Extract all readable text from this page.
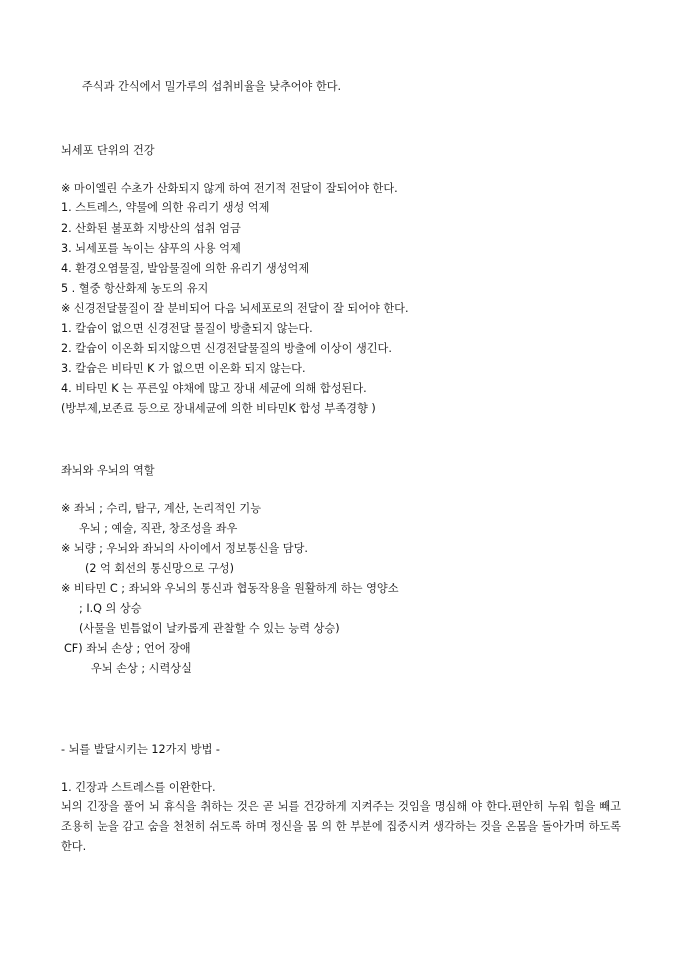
주식과 간식에서 밀가루의 섭취비율을 낮추어야 한다.
뇌세포 단위의 건강
※ 마이엘린 수초가 산화되지 않게 하여 전기적 전달이 잘되어야 한다.
1. 스트레스, 약물에 의한 유리기 생성 억제
2. 산화된 불포화 지방산의 섭취 엄금
3. 뇌세포를 녹이는 샴푸의 사용 억제
4. 환경오염물질, 발암물질에 의한 유리기 생성억제
5 . 혈중 항산화제 농도의 유지
※ 신경전달물질이 잘 분비되어 다음 뇌세포로의 전달이 잘 되어야 한다.
1. 칼슘이 없으면 신경전달 물질이 방출되지 않는다.
2. 칼슘이 이온화 되지않으면 신경전달물질의 방출에 이상이 생긴다.
3. 칼슘은 비타민 K 가 없으면 이온화 되지 않는다.
4. 비타민 K 는 푸른잎 야채에 많고 장내 세균에 의해 합성된다.
(방부제,보존료 등으로 장내세균에 의한 비타민K 합성 부족경향 )
좌뇌와 우뇌의 역할
※ 좌뇌 ; 수리, 탐구, 계산, 논리적인 기능
우뇌 ; 예술, 직관, 창조성을 좌우
※ 뇌량 ; 우뇌와 좌뇌의 사이에서 정보통신을 담당.
(2 억 회선의 통신망으로 구성)
※ 비타민 C ; 좌뇌와 우뇌의 통신과 협동작용을 원활하게 하는 영양소
; I.Q 의 상승
(사물을 빈틈없이 날카롭게 관찰할 수 있는 능력 상승)
CF) 좌뇌 손상 ; 언어 장애
우뇌 손상 ; 시력상실
- 뇌를 발달시키는 12가지 방법 -
1. 긴장과 스트레스를 이완한다.
뇌의 긴장을 풀어 뇌 휴식을 취하는 것은 곧 뇌를 건강하게 지켜주는 것임을 명심해 야 한다.편안히 누워 힘을 빼고 조용히 눈을 감고 숨을 천천히 쉬도록 하며 정신을 몸 의 한 부분에 집중시켜 생각하는 것을 온몸을 돌아가며 하도록 한다.
